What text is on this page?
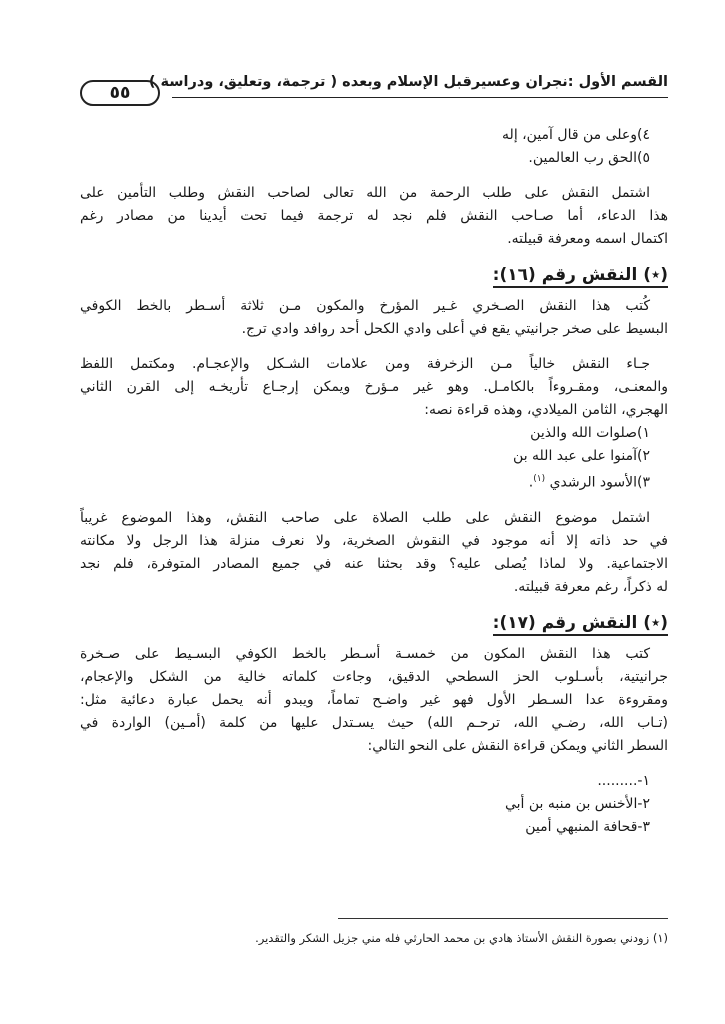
القسم الأول :نجران وعسيرقبل الإسلام وبعده ( ترجمة، وتعليق، ودراسة )
٥٥
٤)وعلى من قال آمين، إله
٥)الحق رب العالمين.
اشتمل النقش على طلب الرحمة من الله تعالى لصاحب النقش وطلب التأمين على
هذا الدعاء، أما صـاحب النقش فلم نجد له ترجمة فيما تحت أيدينا من مصادر رغم
اكتمال اسمه ومعرفة قبيلته.
(٭) النقش رقم (١٦):
كُتب هذا النقش الصـخري غـير المؤرخ والمكون مـن ثلاثة أسـطر بالخط الكوفي
البسيط على صخر جرانيتي يقع في أعلى وادي الكحل أحد روافد وادي ترج.
جـاء النقش خالياً مـن الزخرفة ومن علامات الشـكل والإعجـام. ومكتمل اللفظ
والمعنـى، ومقـروءاً بالكامـل. وهو غير مـؤرخ ويمكن إرجـاع تأريخـه إلى القرن الثاني
الهجري، الثامن الميلادي، وهذه قراءة نصه:
١)صلوات الله والذين
٢)آمنوا على عبد الله بن
٣)الأسود الرشدي $^{(١)}$.
اشتمل موضوع النقش على طلب الصلاة على صاحب النقش، وهذا الموضوع غريباً
في حد ذاته إلا أنه موجود في النقوش الصخرية، ولا نعرف منزلة هذا الرجل ولا مكانته
الاجتماعية. ولا لماذا يُصلى عليه؟ وقد بحثنا عنه في جميع المصادر المتوفرة، فلم نجد
له ذكراً، رغم معرفة قبيلته.
(٭) النقش رقم (١٧):
كتب هذا النقش المكون من خمسـة أسـطر بالخط الكوفي البسـيط على صـخرة
جرانيتية، بأسـلوب الحز السطحي الدقيق، وجاءت كلماته خالية من الشكل والإعجام،
ومقروءة عدا السـطر الأول فهو غير واضـح تماماً، ويبدو أنه يحمل عبارة دعائية مثل:
(تـاب الله، رضـي الله، ترحـم الله) حيث يسـتدل عليها من كلمة (أمـين) الواردة في
السطر الثاني ويمكن قراءة النقش على النحو التالي:
١-.........
٢-الأخنس بن منبه بن أبي
٣-قحافة المنبهي أمين
(١) زودني بصورة النقش الأستاذ هادي بن محمد الحارثي فله مني جزيل الشكر والتقدير.
